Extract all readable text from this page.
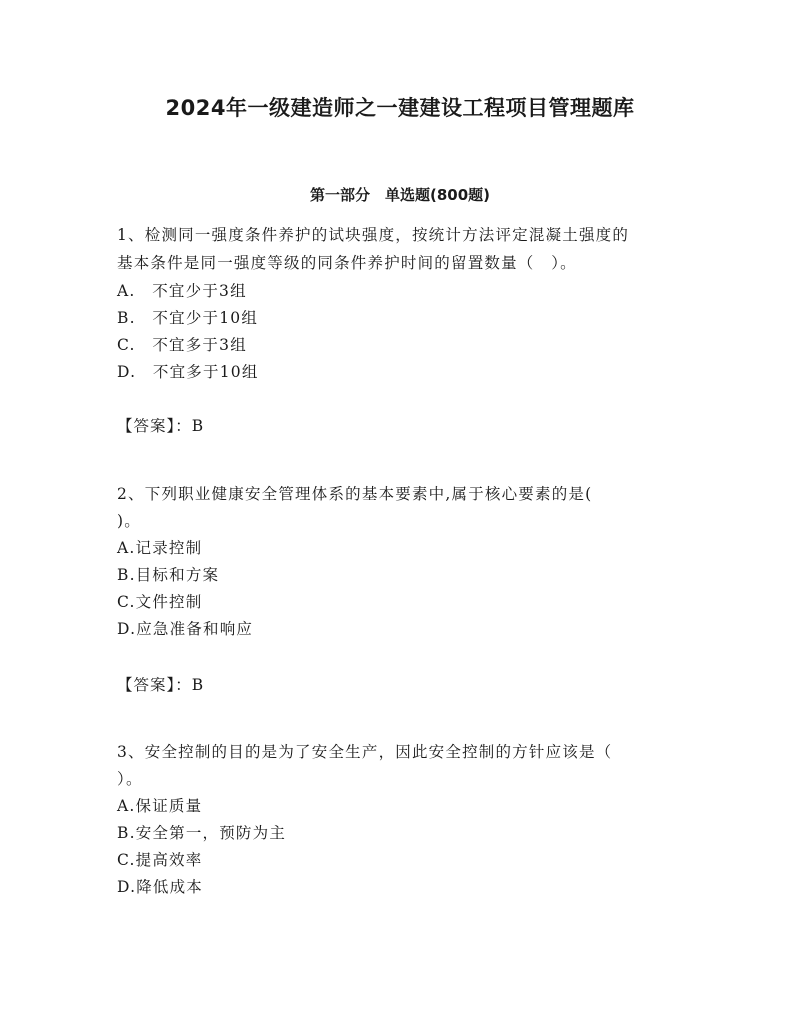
2024年一级建造师之一建建设工程项目管理题库
第一部分　单选题(800题)
1、检测同一强度条件养护的试块强度，按统计方法评定混凝土强度的
基本条件是同一强度等级的同条件养护时间的留置数量（　）。
A.　不宜少于3组
B.　不宜少于10组
C.　不宜多于3组
D.　不宜多于10组
【答案】：B
2、下列职业健康安全管理体系的基本要素中,属于核心要素的是(
)。
A.记录控制
B.目标和方案
C.文件控制
D.应急准备和响应
【答案】：B
3、安全控制的目的是为了安全生产，因此安全控制的方针应该是（
）。
A.保证质量
B.安全第一，预防为主
C.提高效率
D.降低成本
